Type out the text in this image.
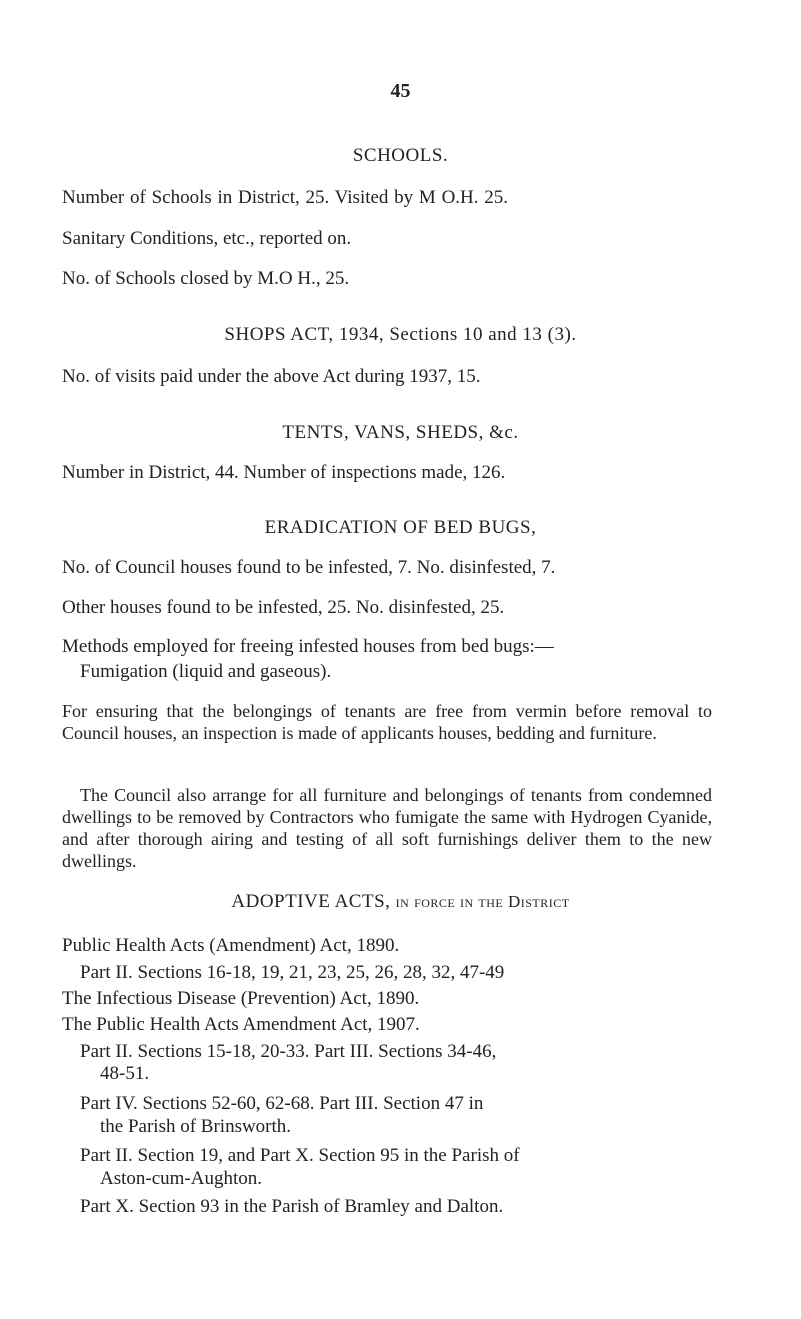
45
SCHOOLS.
Number of Schools in District, 25. Visited by M O.H. 25.
Sanitary Conditions, etc., reported on.
No. of Schools closed by M.O H., 25.
SHOPS ACT, 1934, Sections 10 and 13 (3).
No. of visits paid under the above Act during 1937, 15.
TENTS, VANS, SHEDS, &c.
Number in District, 44. Number of inspections made, 126.
ERADICATION OF BED BUGS,
No. of Council houses found to be infested, 7. No. disinfested, 7.
Other houses found to be infested, 25. No. disinfested, 25.
Methods employed for freeing infested houses from bed bugs:—
Fumigation (liquid and gaseous).
For ensuring that the belongings of tenants are free from vermin before removal to Council houses, an inspection is made of applicants houses, bedding and furniture.
The Council also arrange for all furniture and belongings of tenants from condemned dwellings to be removed by Contractors who fumigate the same with Hydrogen Cyanide, and after thorough airing and testing of all soft furnishings deliver them to the new dwellings.
ADOPTIVE ACTS, in force in the District
Public Health Acts (Amendment) Act, 1890.
Part II. Sections 16-18, 19, 21, 23, 25, 26, 28, 32, 47-49
The Infectious Disease (Prevention) Act, 1890.
The Public Health Acts Amendment Act, 1907.
Part II. Sections 15-18, 20-33. Part III. Sections 34-46,
48-51.
Part IV. Sections 52-60, 62-68. Part III. Section 47 in
the Parish of Brinsworth.
Part II. Section 19, and Part X. Section 95 in the Parish of
Aston-cum-Aughton.
Part X. Section 93 in the Parish of Bramley and Dalton.
